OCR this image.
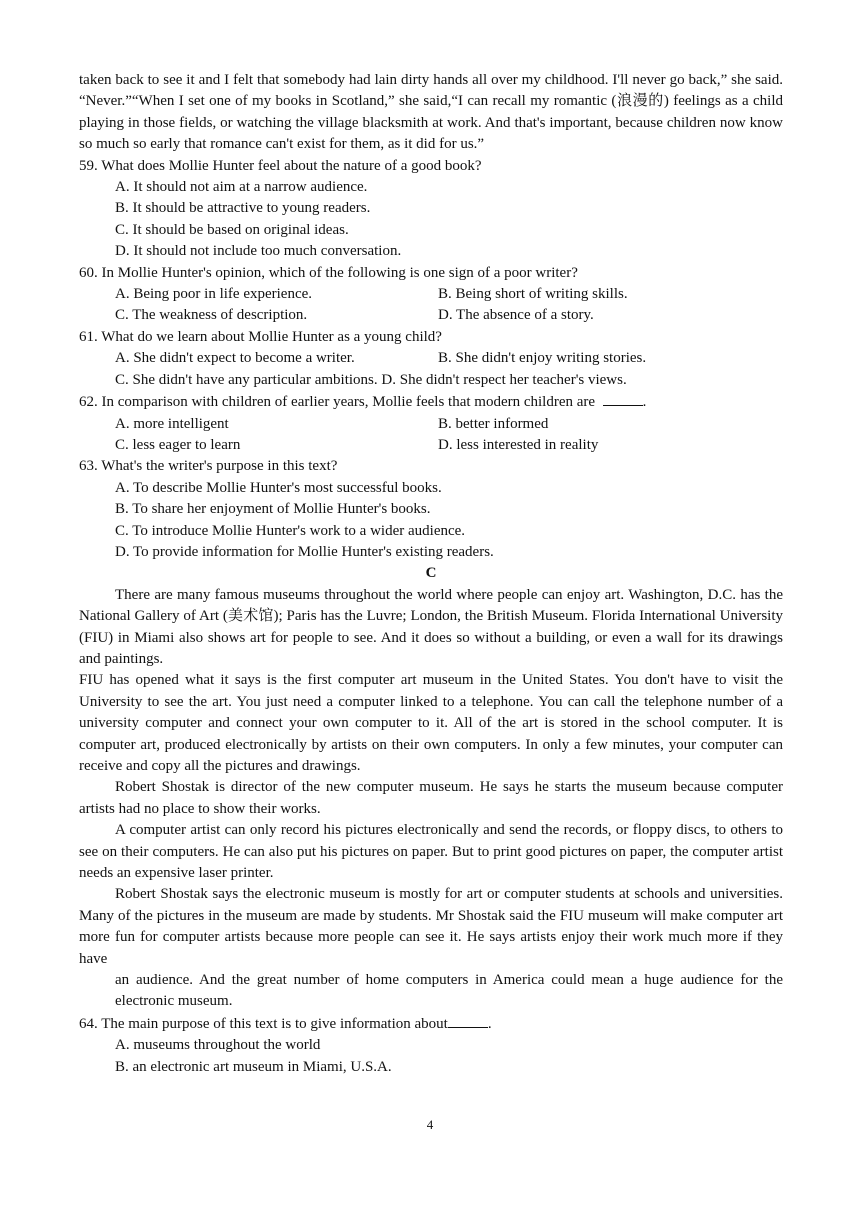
taken back to see it and I felt that somebody had lain dirty hands all over my childhood. I'll never go back,” she said. “Never.”“When I set one of my books in Scotland,” she said,“I can recall my romantic (浪漫的) feelings as a child playing in those fields, or watching the village blacksmith at work. And that's important, because children now know so much so early that romance can't exist for them, as it did for us.”

59. What does Mollie Hunter feel about the nature of a good book?

A. It should not aim at a narrow audience.

B. It should be attractive to young readers.

C. It should be based on original ideas.

D. It should not include too much conversation.

60. In Mollie Hunter's opinion, which of the following is one sign of a poor writer?

A. Being poor in life experience.	B. Being short of writing skills.
C. The weakness of description.	D. The absence of a story.

61. What do we learn about Mollie Hunter as a young child?

A. She didn't expect to become a writer.	B. She didn't enjoy writing stories.
C. She didn't have any particular ambitions.
D. She didn't respect her teacher's views.

62. In comparison with children of earlier years, Mollie feels that modern children are	.

A. more intelligent	B. better informed
C. less eager to learn	D. less interested in reality

63. What's the writer's purpose in this text?

A. To describe Mollie Hunter's most successful books.

B. To share her enjoyment of Mollie Hunter's books.

C. To introduce Mollie Hunter's work to a wider audience.

D. To provide information for Mollie Hunter's existing readers.

C

There are many famous museums throughout the world where people can enjoy art. Washington, D.C. has the National Gallery of Art (美术馆); Paris has the Luvre; London, the British Museum. Florida International University (FIU) in Miami also shows art for people to see. And it does so without a building, or even a wall for its drawings and paintings.

FIU has opened what it says is the first computer art museum in the United States. You don't have to visit the University to see the art. You just need a computer linked to a telephone. You can call the telephone number of a university computer and connect your own computer to it. All of the art is stored in the school computer. It is computer art, produced electronically by artists on their own computers. In only a few minutes, your computer can receive and copy all the pictures and drawings.

Robert Shostak is director of the new computer museum. He says he starts the museum because computer artists had no place to show their works.

A computer artist can only record his pictures electronically and send the records, or floppy discs, to others to see on their computers. He can also put his pictures on paper. But to print good pictures on paper, the computer artist needs an expensive laser printer.

Robert Shostak says the electronic museum is mostly for art or computer students at schools and universities. Many of the pictures in the museum are made by students. Mr Shostak said the FIU museum will make computer art more fun for computer artists because more people can see it. He says artists enjoy their work much more if they have

an audience. And the great number of home computers in America could mean a huge audience for the electronic museum.

64. The main purpose of this text is to give information about	.

A. museums throughout the world

B. an electronic art museum in Miami, U.S.A.

4
